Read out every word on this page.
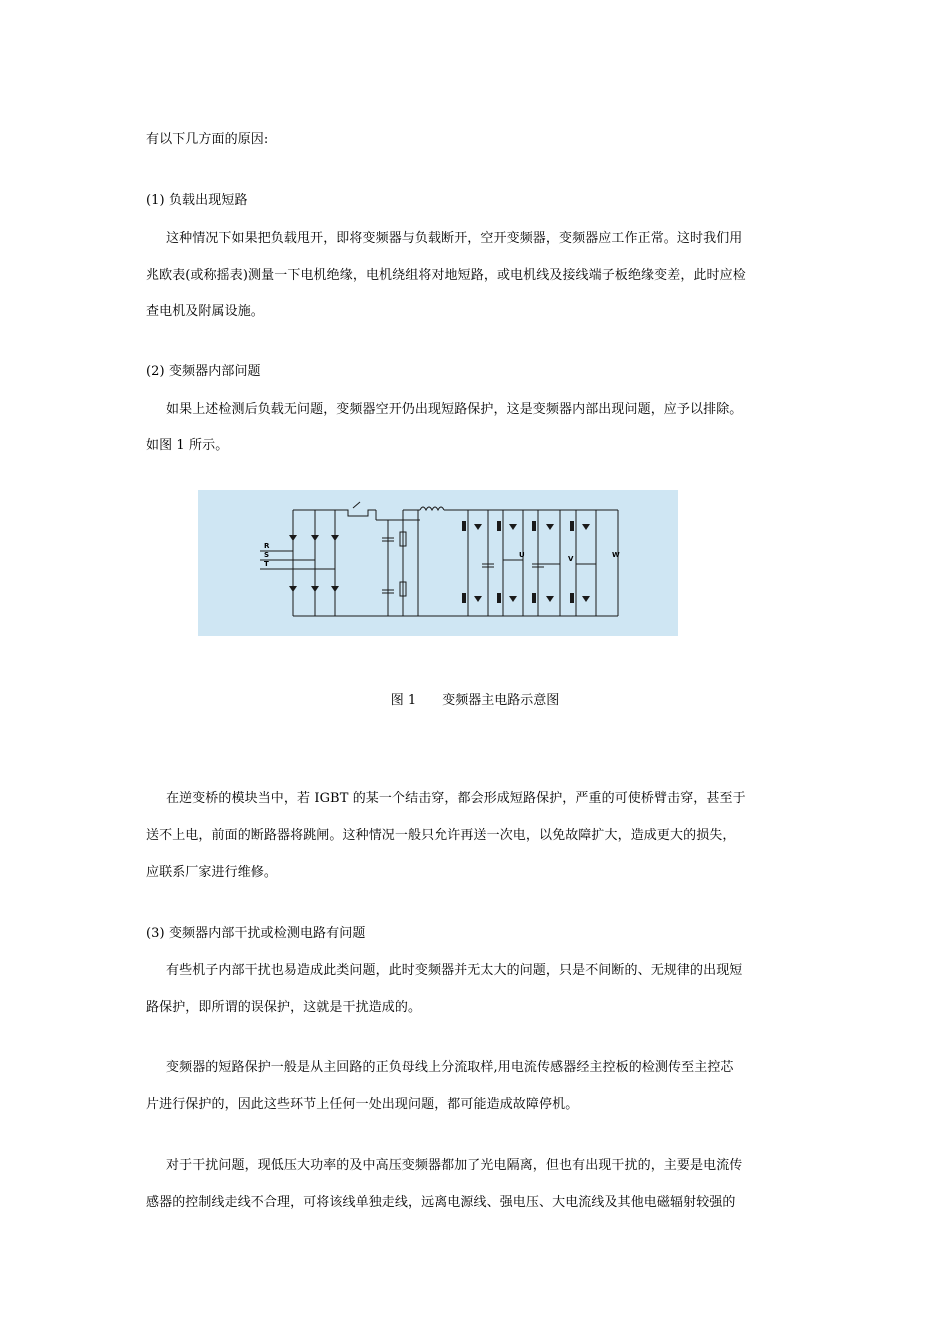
有以下几方面的原因:
(1) 负载出现短路
这种情况下如果把负载甩开，即将变频器与负载断开，空开变频器，变频器应工作正常。这时我们用
兆欧表(或称摇表)测量一下电机绝缘，电机绕组将对地短路，或电机线及接线端子板绝缘变差，此时应检
查电机及附属设施。
(2) 变频器内部问题
如果上述检测后负载无问题，变频器空开仍出现短路保护，这是变频器内部出现问题，应予以排除。
如图 1 所示。
R
S
T
U	V	W
图 1 变频器主电路示意图
在逆变桥的模块当中，若 IGBT 的某一个结击穿，都会形成短路保护，严重的可使桥臂击穿，甚至于
送不上电，前面的断路器将跳闸。这种情况一般只允许再送一次电，以免故障扩大，造成更大的损失，
应联系厂家进行维修。
(3) 变频器内部干扰或检测电路有问题
有些机子内部干扰也易造成此类问题，此时变频器并无太大的问题，只是不间断的、无规律的出现短
路保护，即所谓的误保护，这就是干扰造成的。
变频器的短路保护一般是从主回路的正负母线上分流取样,用电流传感器经主控板的检测传至主控芯
片进行保护的，因此这些环节上任何一处出现问题，都可能造成故障停机。
对于干扰问题，现低压大功率的及中高压变频器都加了光电隔离，但也有出现干扰的，主要是电流传
感器的控制线走线不合理，可将该线单独走线，远离电源线、强电压、大电流线及其他电磁辐射较强的
